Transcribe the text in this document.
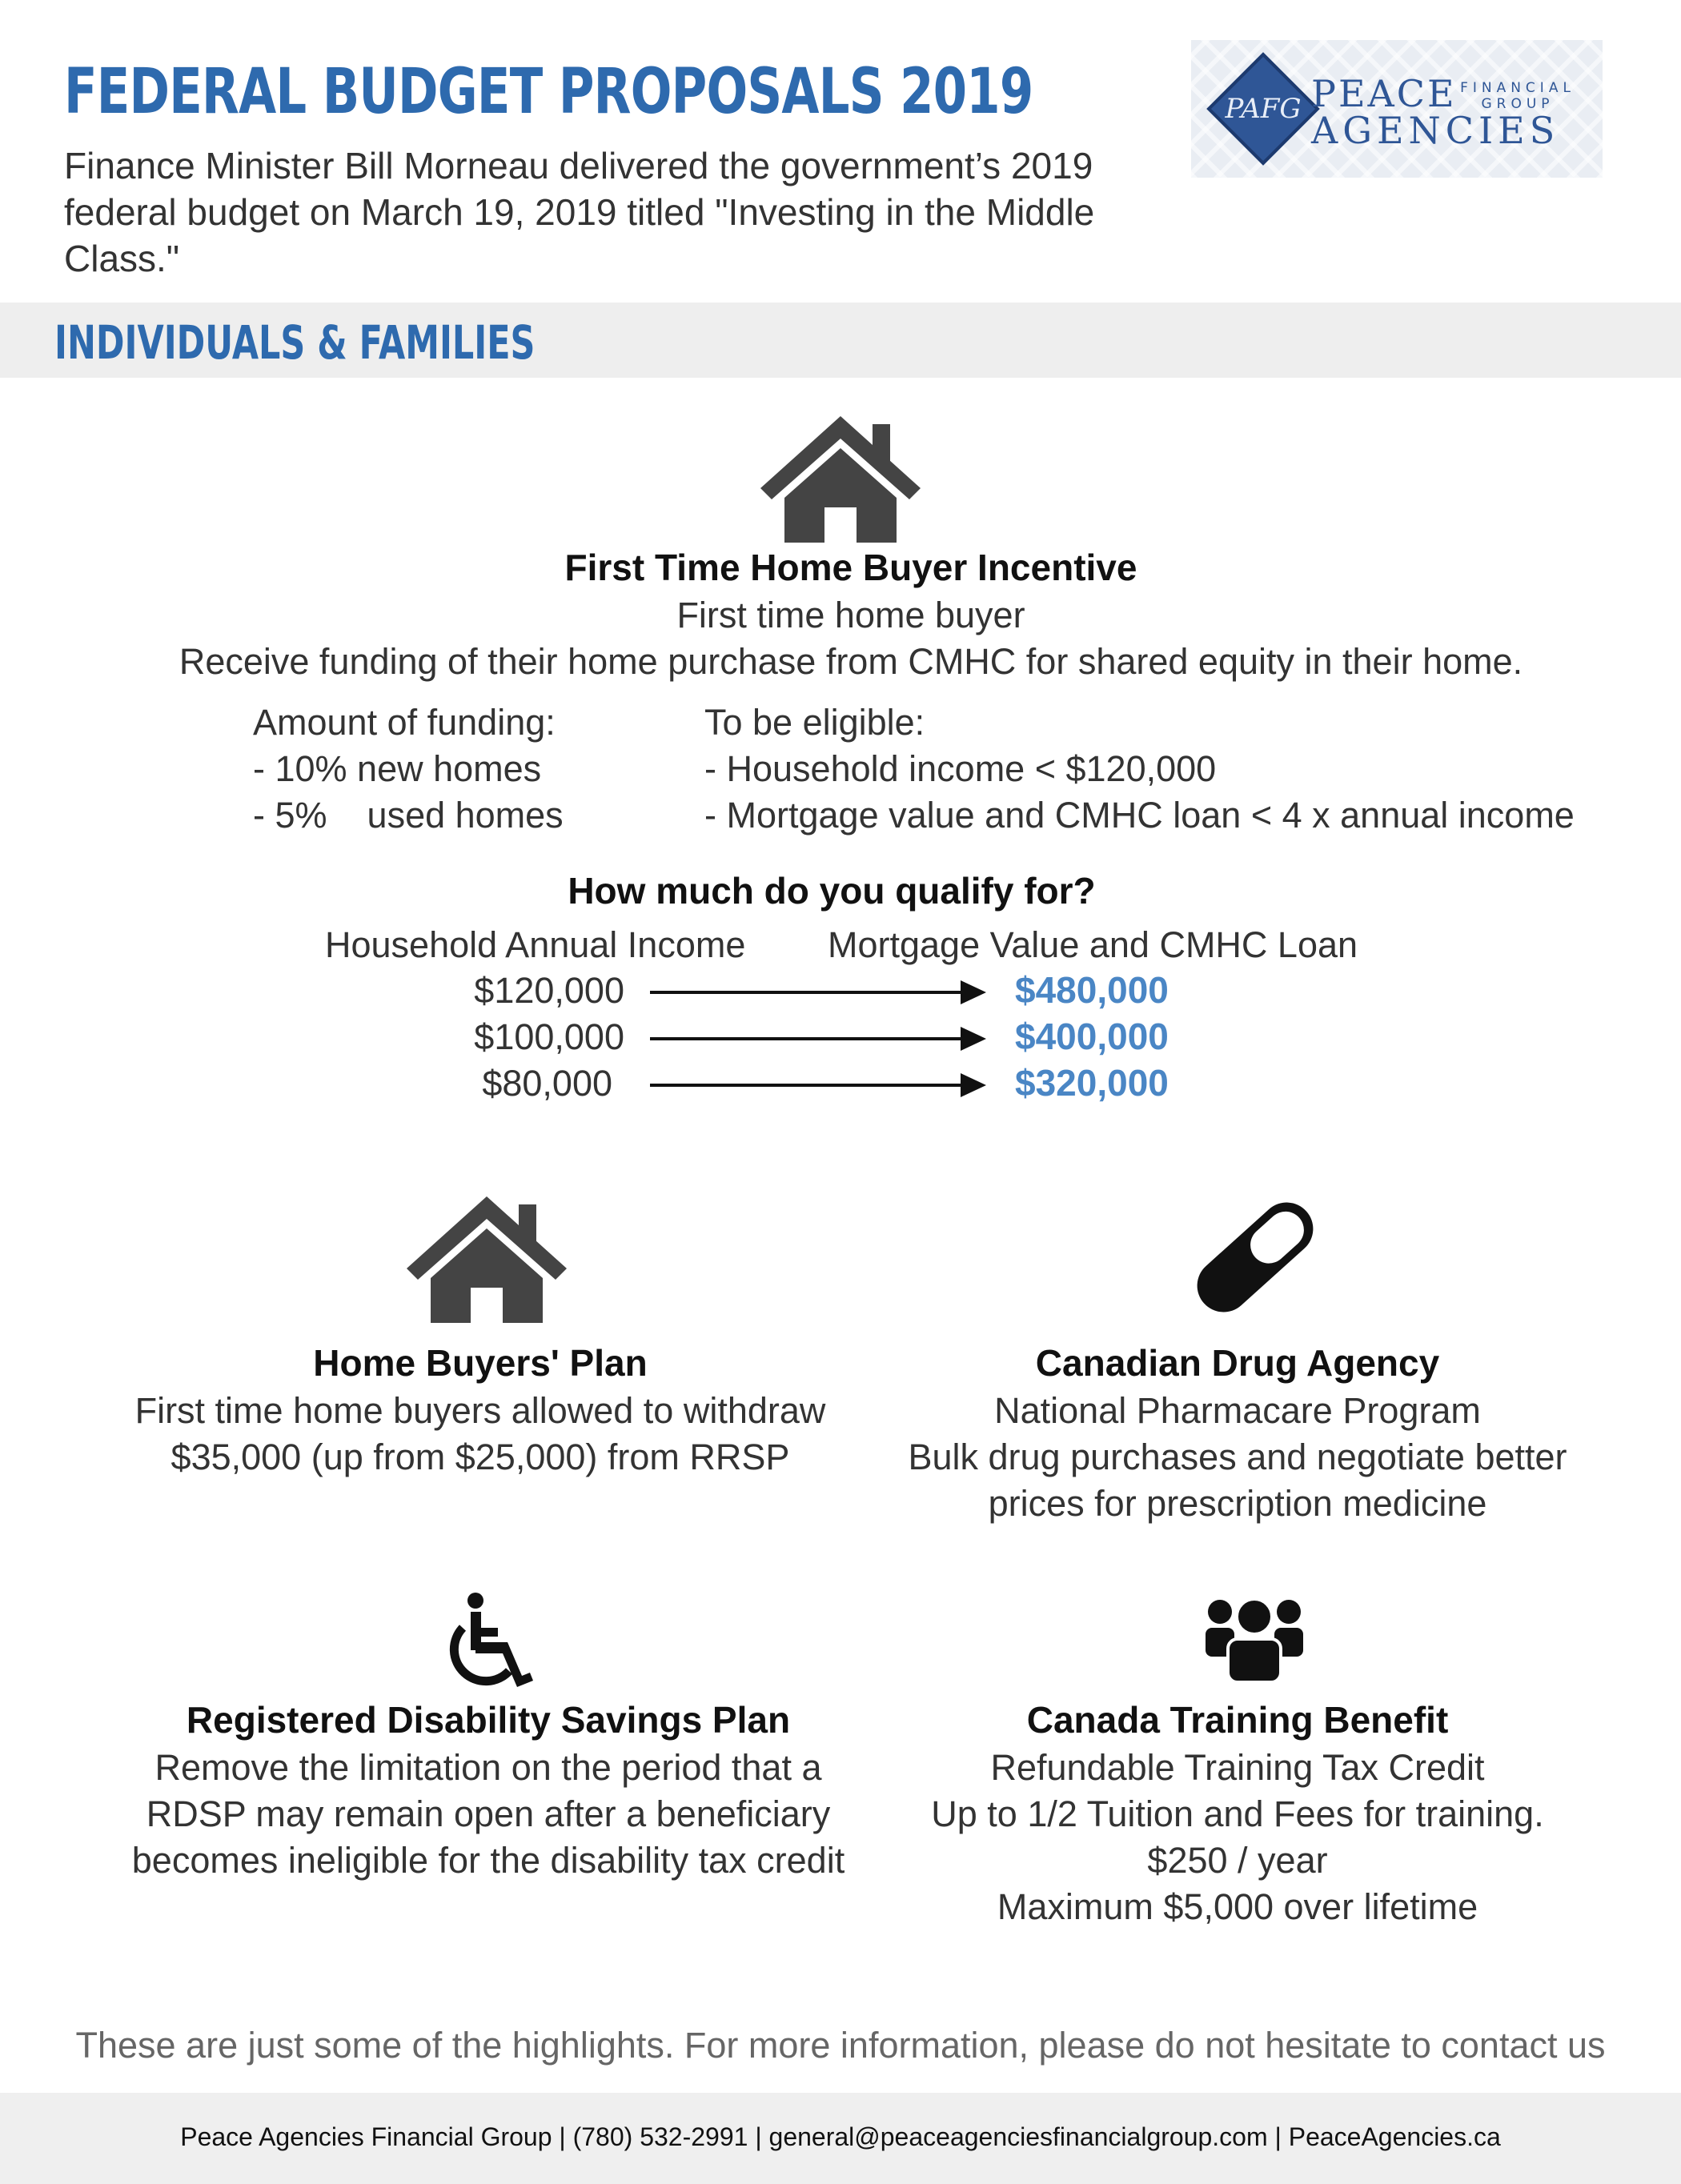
FEDERAL BUDGET PROPOSALS 2019
Finance Minister Bill Morneau delivered the government’s 2019 federal budget on March 19, 2019 titled "Investing in the Middle Class."
PAFG PEACE FINANCIAL GROUP
AGENCIES
INDIVIDUALS & FAMILIES
First Time Home Buyer Incentive
First time home buyer
Receive funding of their home purchase from CMHC for shared equity in their home.
Amount of funding:
- 10% new homes
- 5%    used homes
To be eligible:
- Household income < $120,000
- Mortgage value and CMHC loan < 4 x annual income
How much do you qualify for?
Household Annual Income Mortgage Value and CMHC Loan
$120,000	$480,000
$100,000	$400,000
$80,000	$320,000
Home Buyers' Plan
First time home buyers allowed to withdraw
$35,000 (up from $25,000) from RRSP
Canadian Drug Agency
National Pharmacare Program
Bulk drug purchases and negotiate better
prices for prescription medicine
Registered Disability Savings Plan
Remove the limitation on the period that a
RDSP may remain open after a beneficiary
becomes ineligible for the disability tax credit
Canada Training Benefit
Refundable Training Tax Credit
Up to 1/2 Tuition and Fees for training.
$250 / year
Maximum $5,000 over lifetime
These are just some of the highlights. For more information, please do not hesitate to contact us
Peace Agencies Financial Group | (780) 532-2991 | general@peaceagenciesfinancialgroup.com | PeaceAgencies.ca
